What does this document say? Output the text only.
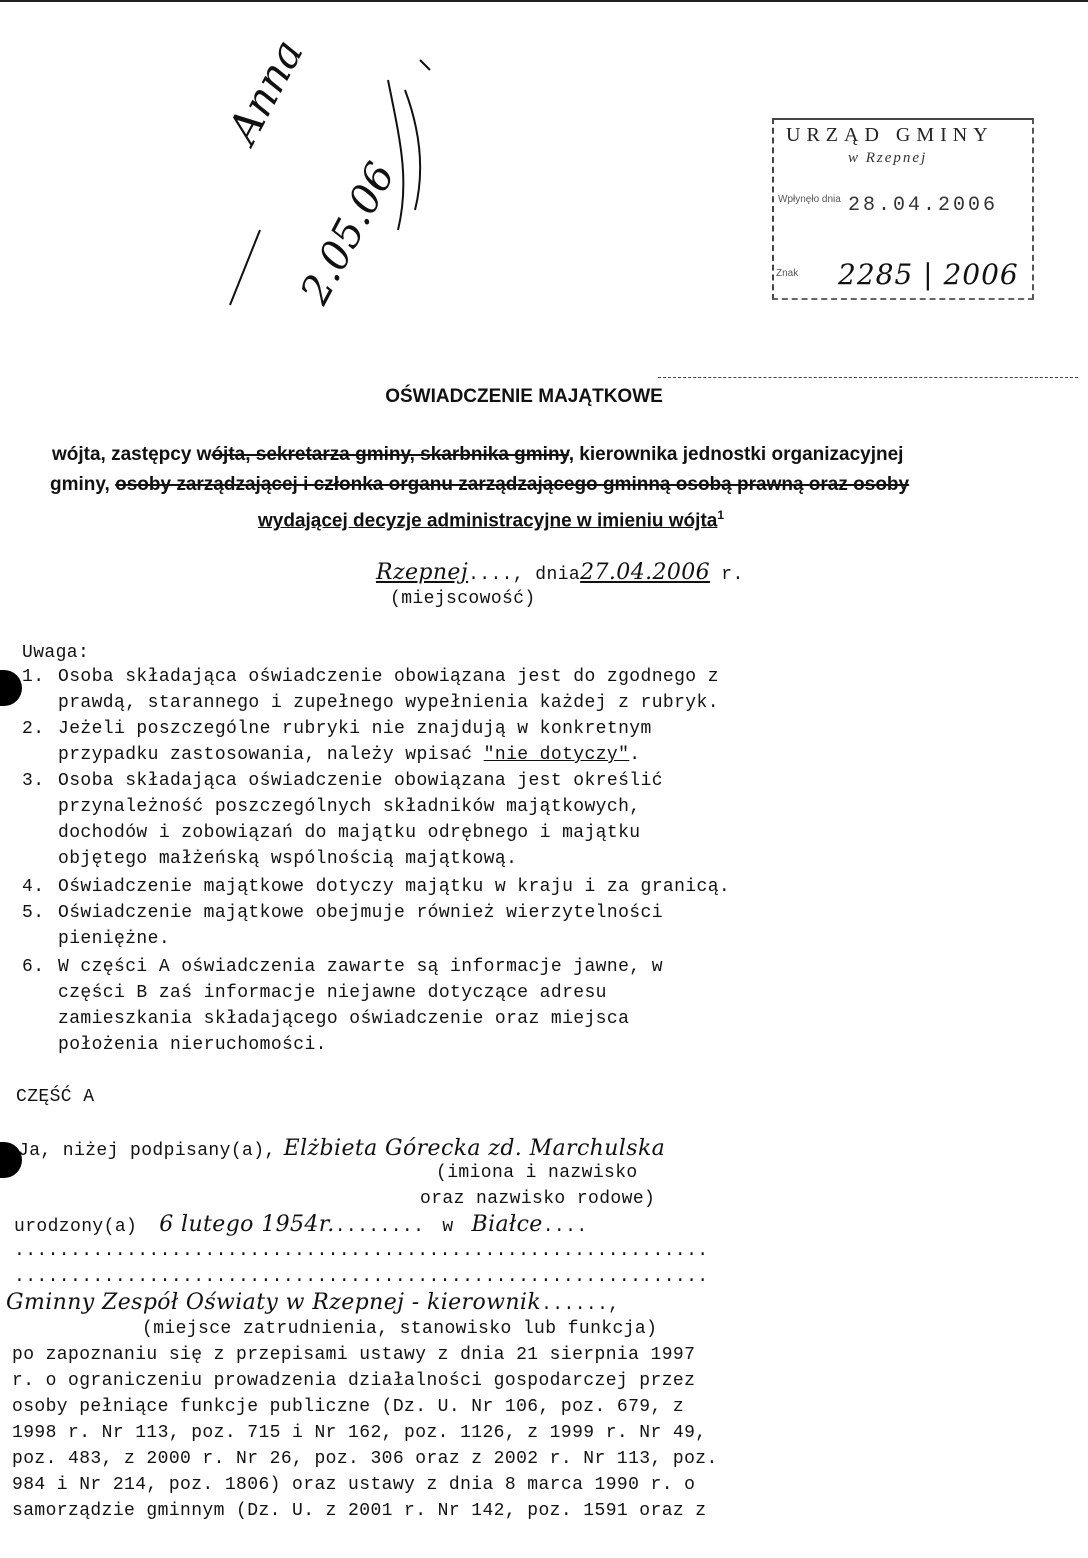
Anna
2.05.06
URZĄD GMINY
w Rzepnej
Wpłynęło dnia 28.04.2006
Znak 2285 | 2006
OŚWIADCZENIE MAJĄTKOWE
wójta, zastępcy wójta, sekretarza gminy, skarbnika gminy, kierownika jednostki organizacyjnej
gminy, osoby zarządzającej i członka organu zarządzającego gminną osobą prawną oraz osoby
wydającej decyzje administracyjne w imieniu wójta$^1$
Rzepnej...., dnia27.04.2006 r.
(miejscowość)
Uwaga:
1. Osoba składająca oświadczenie obowiązana jest do zgodnego z
prawdą, starannego i zupełnego wypełnienia każdej z rubryk.
2. Jeżeli poszczególne rubryki nie znajdują w konkretnym
przypadku zastosowania, należy wpisać "nie dotyczy".
3. Osoba składająca oświadczenie obowiązana jest określić
przynależność poszczególnych składników majątkowych,
dochodów i zobowiązań do majątku odrębnego i majątku
objętego małżeńską wspólnością majątkową.
4. Oświadczenie majątkowe dotyczy majątku w kraju i za granicą.
5. Oświadczenie majątkowe obejmuje również wierzytelności
pieniężne.
6. W części A oświadczenia zawarte są informacje jawne, w
części B zaś informacje niejawne dotyczące adresu
zamieszkania składającego oświadczenie oraz miejsca
położenia nieruchomości.
CZĘŚĆ A
Ja, niżej podpisany(a), Elżbieta Górecka zd. Marchulska
(imiona i nazwisko
oraz nazwisko rodowe)
urodzony(a) 6 lutego 1954r......... w Białce....
..............................................................
..............................................................
Gminny Zespół Oświaty w Rzepnej - kierownik......,
(miejsce zatrudnienia, stanowisko lub funkcja)
po zapoznaniu się z przepisami ustawy z dnia 21 sierpnia 1997
r. o ograniczeniu prowadzenia działalności gospodarczej przez
osoby pełniące funkcje publiczne (Dz. U. Nr 106, poz. 679, z
1998 r. Nr 113, poz. 715 i Nr 162, poz. 1126, z 1999 r. Nr 49,
poz. 483, z 2000 r. Nr 26, poz. 306 oraz z 2002 r. Nr 113, poz.
984 i Nr 214, poz. 1806) oraz ustawy z dnia 8 marca 1990 r. o
samorządzie gminnym (Dz. U. z 2001 r. Nr 142, poz. 1591 oraz z
